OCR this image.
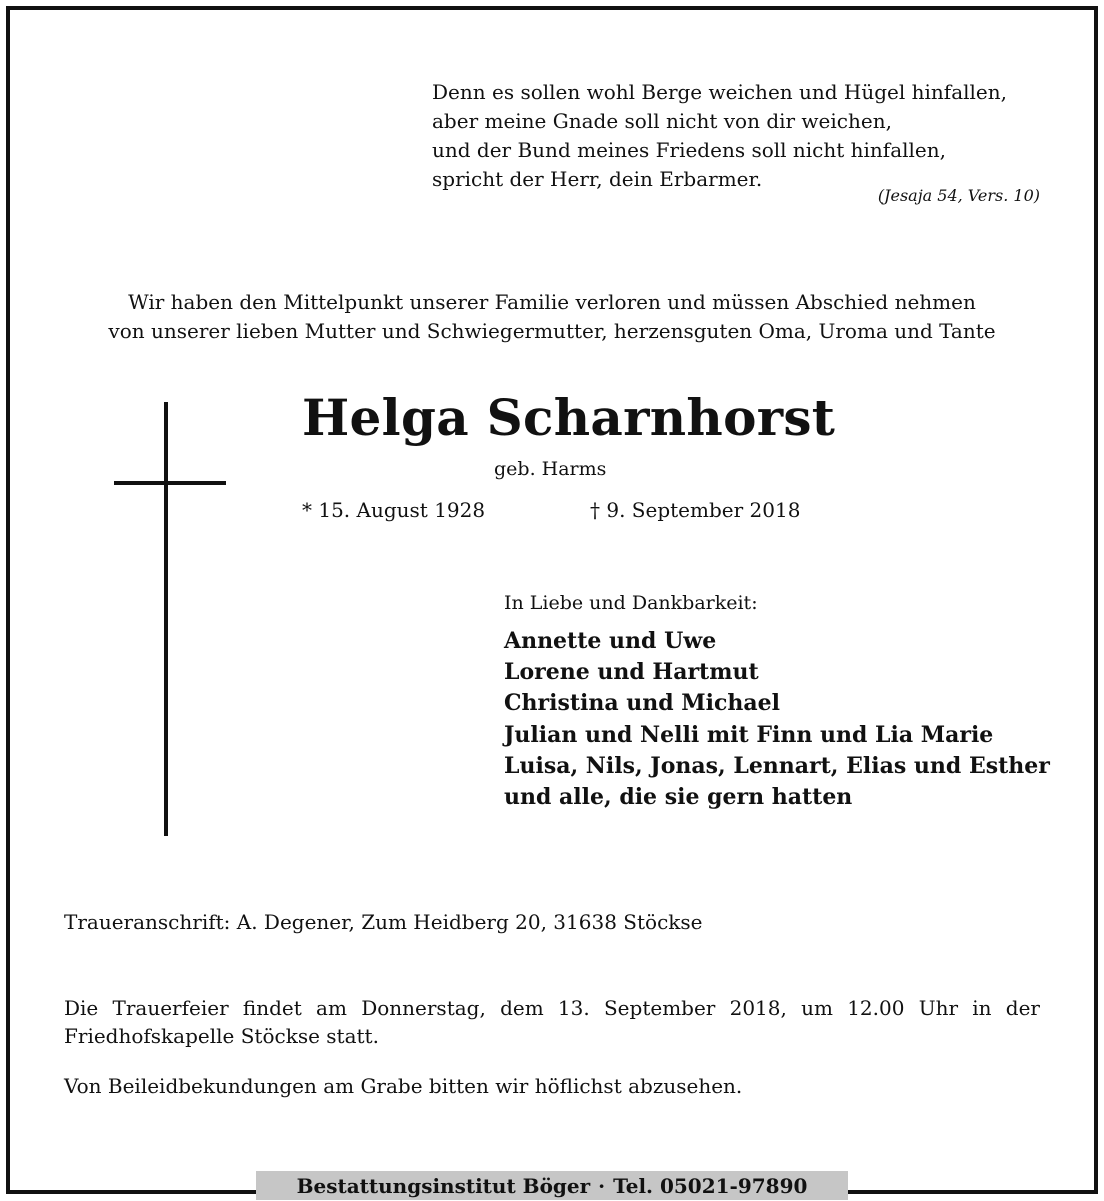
Denn es sollen wohl Berge weichen und Hügel hinfallen,
aber meine Gnade soll nicht von dir weichen,
und der Bund meines Friedens soll nicht hinfallen,
spricht der Herr, dein Erbarmer.
(Jesaja 54, Vers. 10)
Wir haben den Mittelpunkt unserer Familie verloren und müssen Abschied nehmen
von unserer lieben Mutter und Schwiegermutter, herzensguten Oma, Uroma und Tante
Helga Scharnhorst
geb. Harms
* 15. August 1928	† 9. September 2018
In Liebe und Dankbarkeit:
Annette und Uwe
Lorene und Hartmut
Christina und Michael
Julian und Nelli mit Finn und Lia Marie
Luisa, Nils, Jonas, Lennart, Elias und Esther
und alle, die sie gern hatten
Traueranschrift: A. Degener, Zum Heidberg 20, 31638 Stöckse
Die Trauerfeier findet am Donnerstag, dem 13. September 2018, um 12.00 Uhr in der Friedhofskapelle Stöckse statt.
Von Beileidbekundungen am Grabe bitten wir höflichst abzusehen.
Bestattungsinstitut Böger · Tel. 05021-97890
